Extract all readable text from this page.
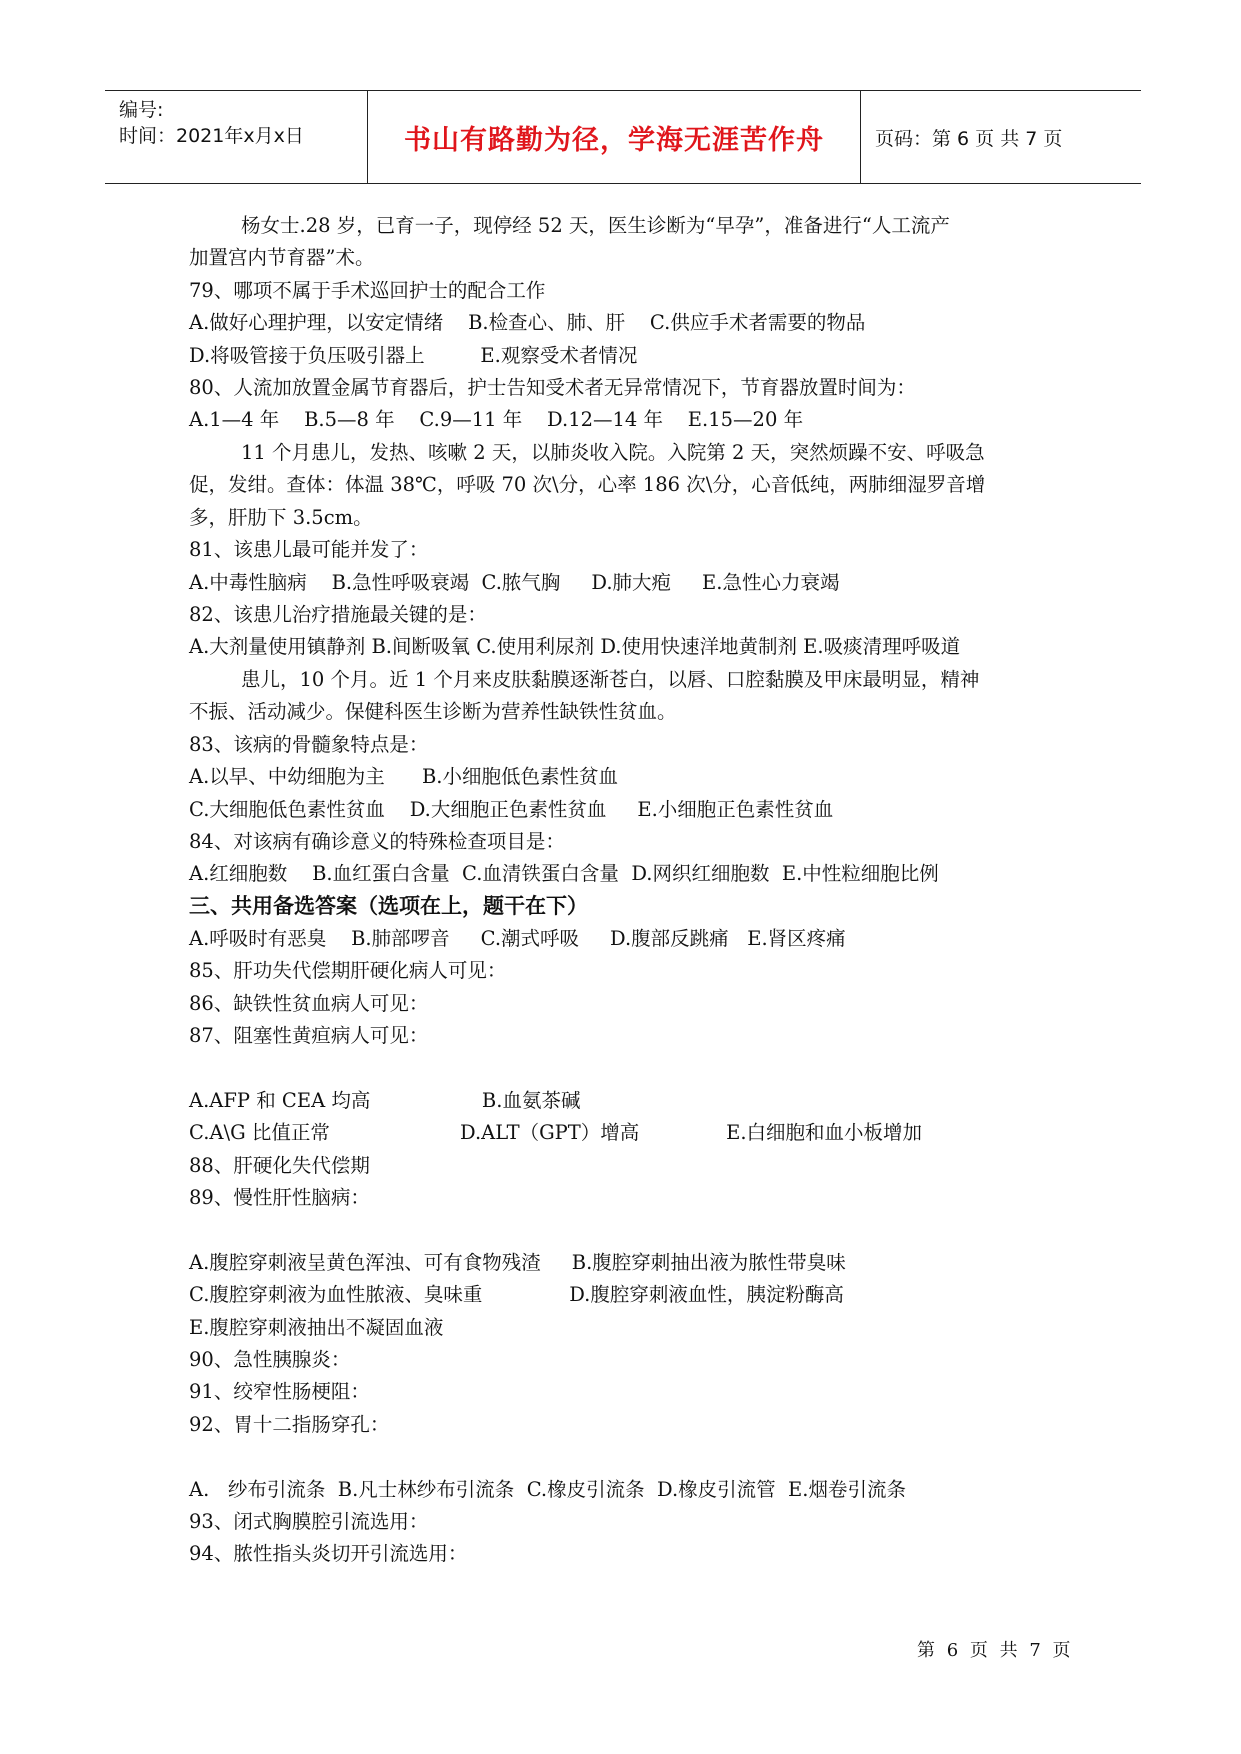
编号:
时间：2021年x月x日	书山有路勤为径，学海无涯苦作舟	页码：第 6 页 共 7 页
杨女士.28 岁，已育一子，现停经 52 天，医生诊断为“早孕”，准备进行“人工流产
加置宫内节育器”术。
79、哪项不属于手术巡回护士的配合工作
A.做好心理护理，以安定情绪    B.检查心、肺、肝    C.供应手术者需要的物品
D.将吸管接于负压吸引器上         E.观察受术者情况
80、人流加放置金属节育器后，护士告知受术者无异常情况下，节育器放置时间为：
A.1—4 年    B.5—8 年    C.9—11 年    D.12—14 年    E.15—20 年
11 个月患儿，发热、咳嗽 2 天，以肺炎收入院。入院第 2 天，突然烦躁不安、呼吸急
促，发绀。查体：体温 38℃，呼吸 70 次\分，心率 186 次\分，心音低纯，两肺细湿罗音增
多，肝肋下 3.5cm。
81、该患儿最可能并发了：
A.中毒性脑病    B.急性呼吸衰竭  C.脓气胸     D.肺大疱     E.急性心力衰竭
82、该患儿治疗措施最关键的是：
A.大剂量使用镇静剂 B.间断吸氧 C.使用利尿剂 D.使用快速洋地黄制剂 E.吸痰清理呼吸道
患儿，10 个月。近 1 个月来皮肤黏膜逐渐苍白，以唇、口腔黏膜及甲床最明显，精神
不振、活动减少。保健科医生诊断为营养性缺铁性贫血。
83、该病的骨髓象特点是：
A.以早、中幼细胞为主      B.小细胞低色素性贫血
C.大细胞低色素性贫血    D.大细胞正色素性贫血     E.小细胞正色素性贫血
84、对该病有确诊意义的特殊检查项目是：
A.红细胞数    B.血红蛋白含量  C.血清铁蛋白含量  D.网织红细胞数  E.中性粒细胞比例
三、共用备选答案（选项在上，题干在下）
A.呼吸时有恶臭    B.肺部啰音     C.潮式呼吸     D.腹部反跳痛   E.肾区疼痛
85、肝功失代偿期肝硬化病人可见：
86、缺铁性贫血病人可见：
87、阻塞性黄疸病人可见：
A.AFP 和 CEA 均高                  B.血氨茶碱
C.A\G 比值正常                     D.ALT（GPT）增高              E.白细胞和血小板增加
88、肝硬化失代偿期
89、慢性肝性脑病：
A.腹腔穿刺液呈黄色浑浊、可有食物残渣     B.腹腔穿刺抽出液为脓性带臭味
C.腹腔穿刺液为血性脓液、臭味重              D.腹腔穿刺液血性，胰淀粉酶高
E.腹腔穿刺液抽出不凝固血液
90、急性胰腺炎：
91、绞窄性肠梗阻：
92、胃十二指肠穿孔：
A.   纱布引流条  B.凡士林纱布引流条  C.橡皮引流条  D.橡皮引流管  E.烟卷引流条
93、闭式胸膜腔引流选用：
94、脓性指头炎切开引流选用：
第 6 页 共 7 页
